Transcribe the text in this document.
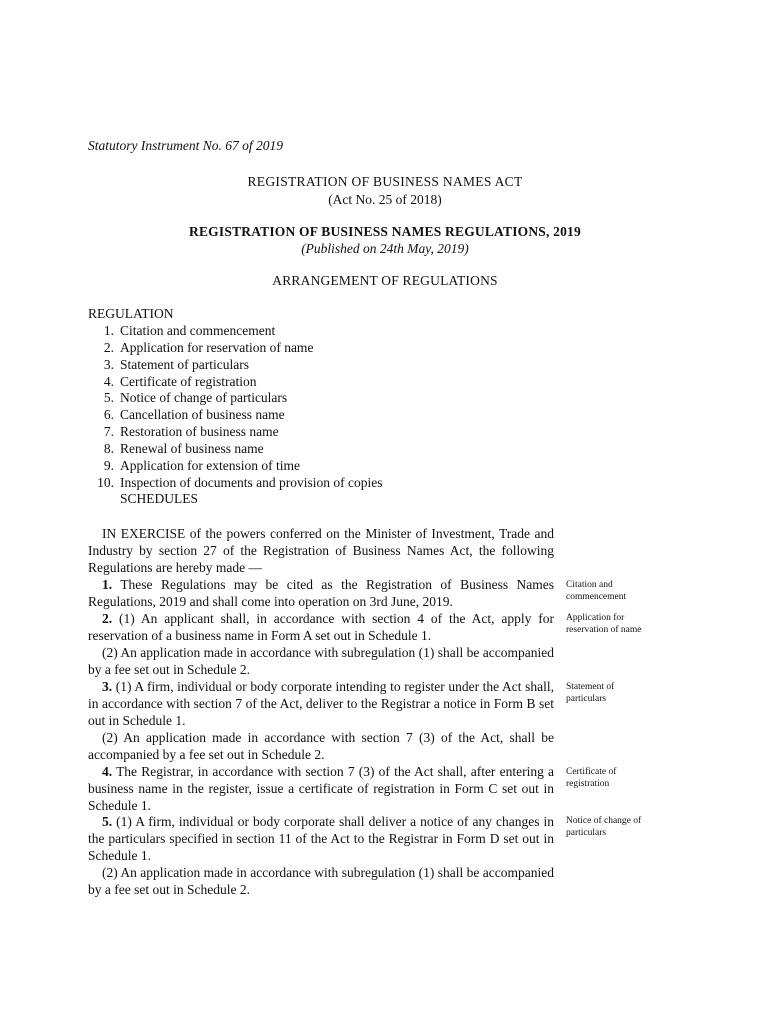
Statutory Instrument No. 67 of 2019
REGISTRATION OF BUSINESS NAMES ACT
(Act No. 25 of 2018)
REGISTRATION OF BUSINESS NAMES REGULATIONS, 2019
(Published on 24th May, 2019)
ARRANGEMENT OF REGULATIONS
REGULATION
1. Citation and commencement
2. Application for reservation of name
3. Statement of particulars
4. Certificate of registration
5. Notice of change of particulars
6. Cancellation of business name
7. Restoration of business name
8. Renewal of business name
9. Application for extension of time
10. Inspection of documents and provision of copies
SCHEDULES

IN EXERCISE of the powers conferred on the Minister of Investment, Trade and Industry by section 27 of the Registration of Business Names Act, the following Regulations are hereby made —

1. These Regulations may be cited as the Registration of Business Names Regulations, 2019 and shall come into operation on 3rd June, 2019.

2. (1) An applicant shall, in accordance with section 4 of the Act, apply for reservation of a business name in Form A set out in Schedule 1.

(2) An application made in accordance with subregulation (1) shall be accompanied by a fee set out in Schedule 2.

3. (1) A firm, individual or body corporate intending to register under the Act shall, in accordance with section 7 of the Act, deliver to the Registrar a notice in Form B set out in Schedule 1.

(2) An application made in accordance with section 7 (3) of the Act, shall be accompanied by a fee set out in Schedule 2.

4. The Registrar, in accordance with section 7 (3) of the Act shall, after entering a business name in the register, issue a certificate of registration in Form C set out in Schedule 1.

5. (1) A firm, individual or body corporate shall deliver a notice of any changes in the particulars specified in section 11 of the Act to the Registrar in Form D set out in Schedule 1.

(2) An application made in accordance with subregulation (1) shall be accompanied by a fee set out in Schedule 2.

Citation and commencement
Application for reservation of name
Statement of particulars
Certificate of registration
Notice of change of particulars
